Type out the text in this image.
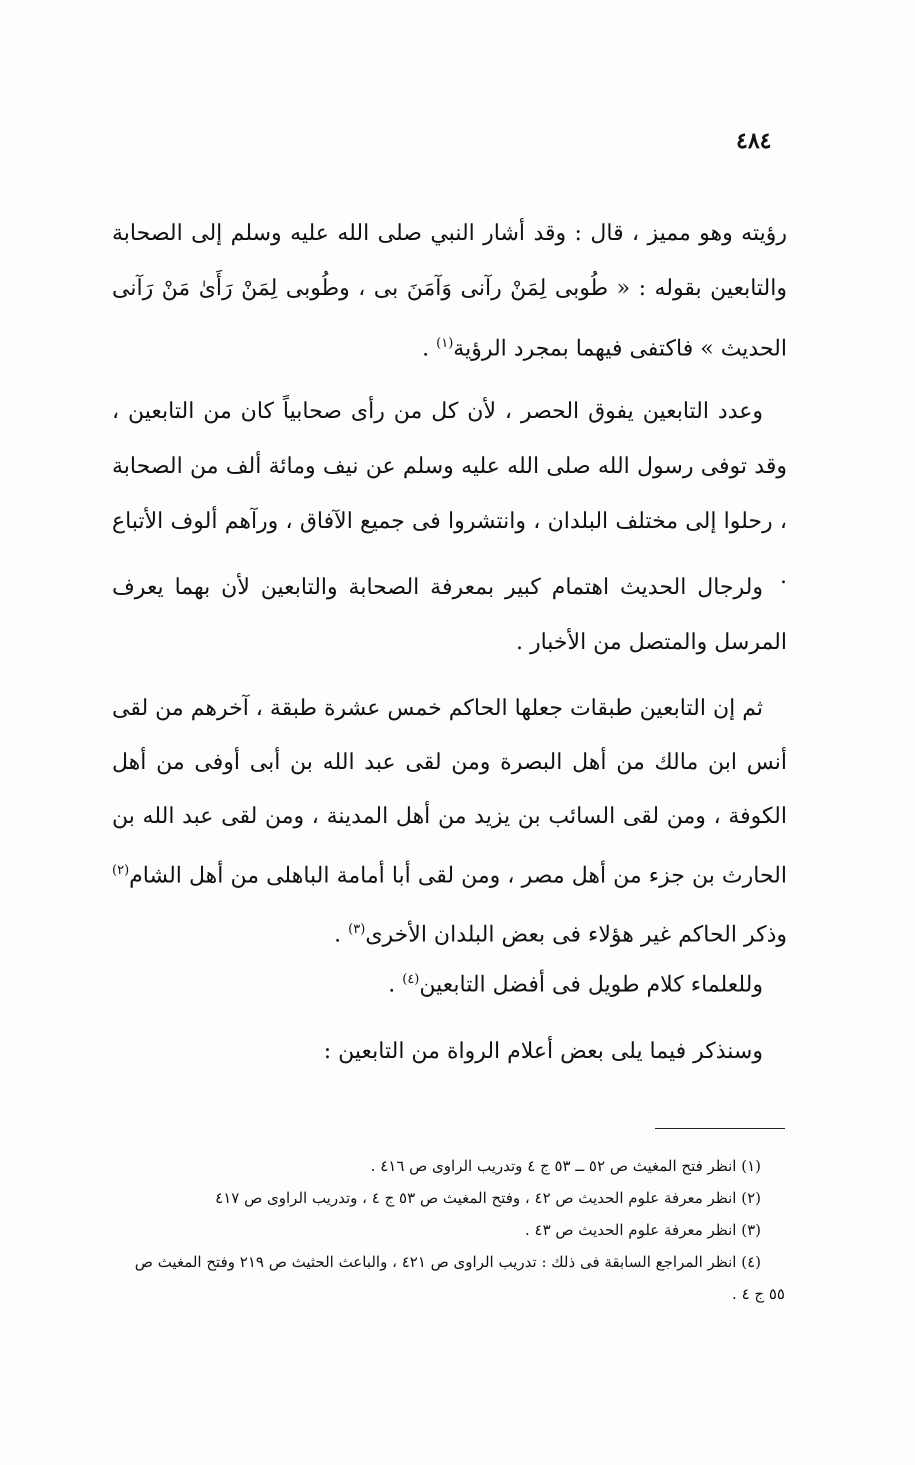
٤٨٤
رؤيته وهو مميز ، قال : وقد أشار النبي صلى الله عليه وسلم إلى الصحابة والتابعين بقوله : « طُوبى لِمَنْ رآنى وَآمَنَ بى ، وطُوبى لِمَنْ رَأَىٰ مَنْ رَآنى الحديث » فاكتفى فيهما بمجرد الرؤية$^{(١)}$ .
وعدد التابعين يفوق الحصر ، لأن كل من رأى صحابياً كان من التابعين ، وقد توفى رسول الله صلى الله عليه وسلم عن نيف ومائة ألف من الصحابة ، رحلوا إلى مختلف البلدان ، وانتشروا فى جميع الآفاق ، ورآهم ألوف الأتباع .
ولرجال الحديث اهتمام كبير بمعرفة الصحابة والتابعين لأن بهما يعرف المرسل والمتصل من الأخبار .
ثم إن التابعين طبقات جعلها الحاكم خمس عشرة طبقة ، آخرهم من لقى أنس ابن مالك من أهل البصرة ومن لقى عبد الله بن أبى أوفى من أهل الكوفة ، ومن لقى السائب بن يزيد من أهل المدينة ، ومن لقى عبد الله بن الحارث بن جزء من أهل مصر ، ومن لقى أبا أمامة الباهلى من أهل الشام$^{(٢)}$ وذكر الحاكم غير هؤلاء فى بعض البلدان الأخرى$^{(٣)}$ .
وللعلماء كلام طويل فى أفضل التابعين$^{(٤)}$ .
وسنذكر فيما يلى بعض أعلام الرواة من التابعين :

(١) انظر فتح المغيث ص ٥٢ ــ ٥٣ ج ٤ وتدريب الراوى ص ٤١٦ .

(٢) انظر معرفة علوم الحديث ص ٤٢ ، وفتح المغيث ص ٥٣ ج ٤ ، وتدريب الراوى ص ٤١٧

(٣) انظر معرفة علوم الحديث ص ٤٣ .

(٤) انظر المراجع السابقة فى ذلك : تدريب الراوى ص ٤٢١ ، والباعث الحثيث ص ٢١٩ وفتح المغيث ص ٥٥ ج ٤ .
